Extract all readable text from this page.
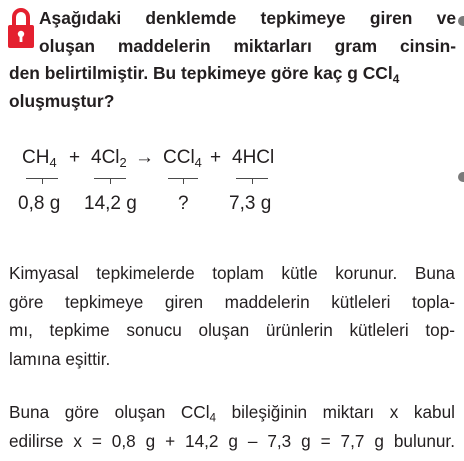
Aşağıdaki denklemde tepkimeye giren ve
oluşan maddelerin miktarları gram cinsin-
den belirtilmiştir. Bu tepkimeye göre kaç g CCl$_4$
oluşmuştur?
$CH_4 + 4Cl_2 \to CCl_4 + 4HCl$
0,8 g 14,2 g ? 7,3 g
Kimyasal tepkimelerde toplam kütle korunur. Buna
göre tepkimeye giren maddelerin kütleleri topla-
mı, tepkime sonucu oluşan ürünlerin kütleleri top-
lamına eşittir.
Buna göre oluşan CCl$_4$ bileşiğinin miktarı x kabul
edilirse x = 0,8 g + 14,2 g – 7,3 g = 7,7 g bulunur.
